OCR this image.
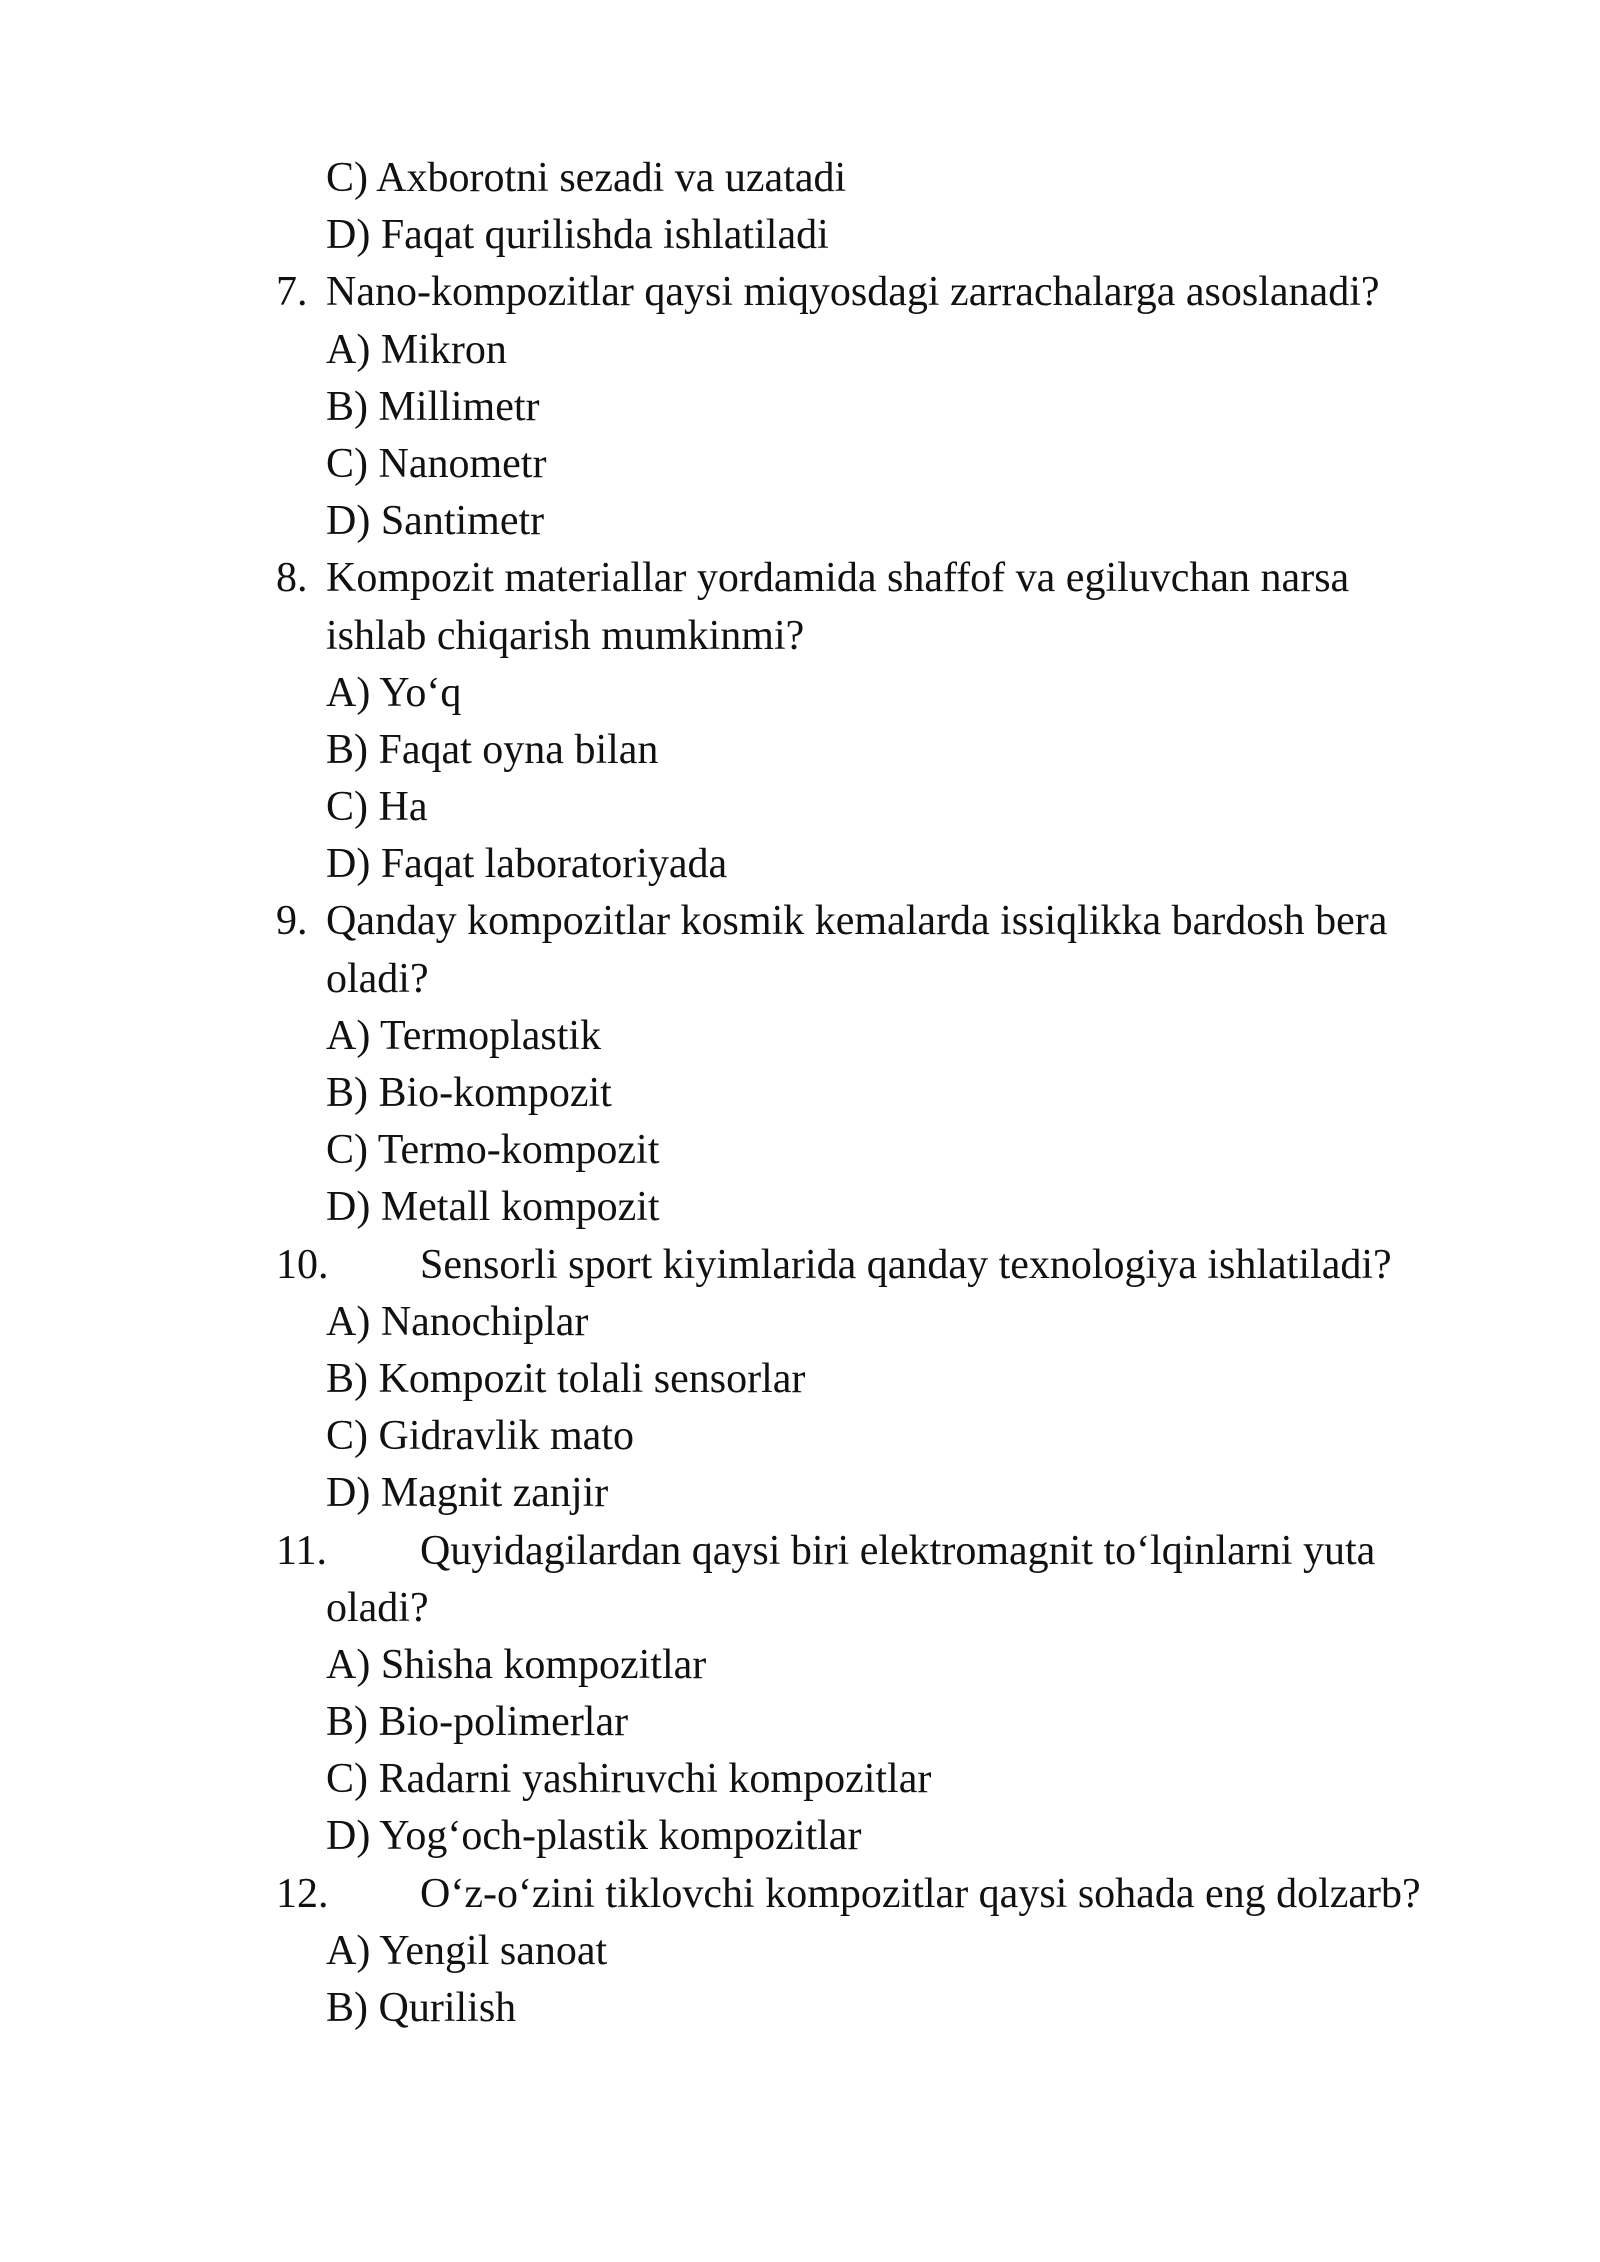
C) Axborotni sezadi va uzatadi
D) Faqat qurilishda ishlatiladi
7. Nano-kompozitlar qaysi miqyosdagi zarrachalarga asoslanadi?
A) Mikron
B) Millimetr
C) Nanometr
D) Santimetr
8. Kompozit materiallar yordamida shaffof va egiluvchan narsa
ishlab chiqarish mumkinmi?
A) Yo‘q
B) Faqat oyna bilan
C) Ha
D) Faqat laboratoriyada
9. Qanday kompozitlar kosmik kemalarda issiqlikka bardosh bera
oladi?
A) Termoplastik
B) Bio-kompozit
C) Termo-kompozit
D) Metall kompozit
10. Sensorli sport kiyimlarida qanday texnologiya ishlatiladi?
A) Nanochiplar
B) Kompozit tolali sensorlar
C) Gidravlik mato
D) Magnit zanjir
11. Quyidagilardan qaysi biri elektromagnit to‘lqinlarni yuta
oladi?
A) Shisha kompozitlar
B) Bio-polimerlar
C) Radarni yashiruvchi kompozitlar
D) Yog‘och-plastik kompozitlar
12. O‘z-o‘zini tiklovchi kompozitlar qaysi sohada eng dolzarb?
A) Yengil sanoat
B) Qurilish
